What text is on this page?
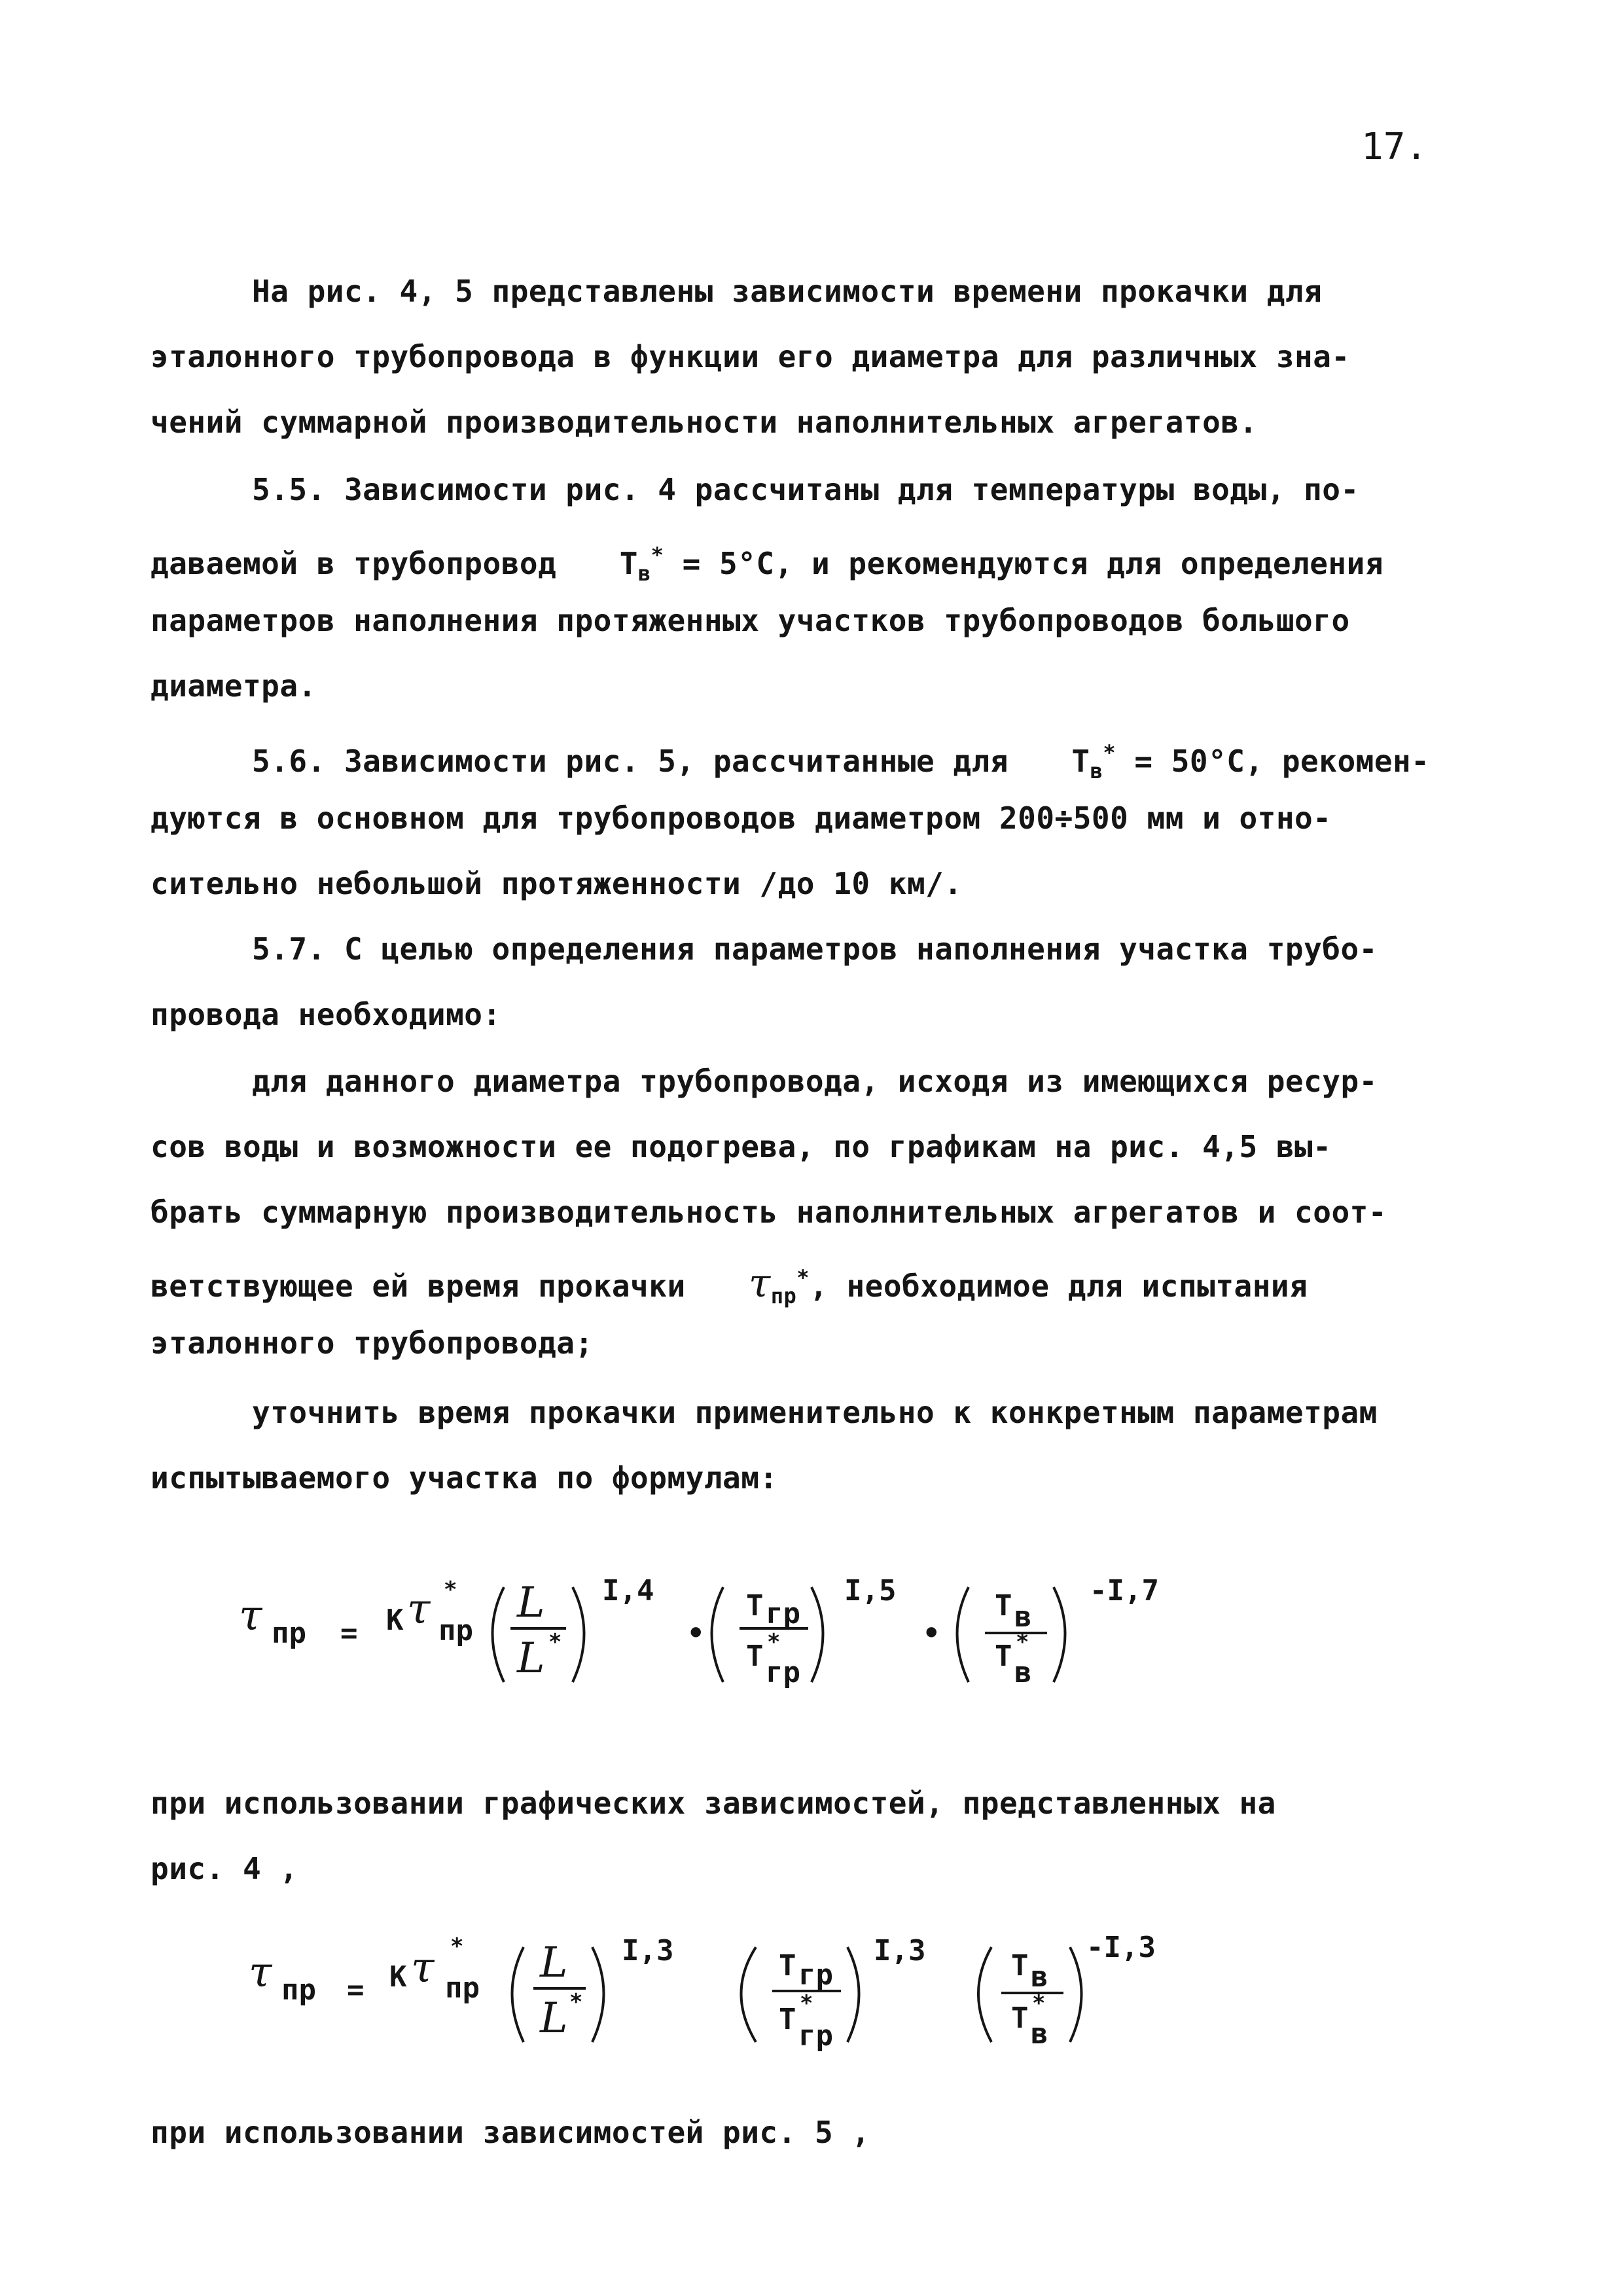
17.
На рис. 4, 5 представлены зависимости времени прокачки для
эталонного трубопровода в функции его диаметра для различных зна-
чений суммарной производительности наполнительных агрегатов.
5.5. Зависимости рис. 4 рассчитаны для температуры воды, по-
даваемой в трубопровод $T_в^* = 5^\circ С$, и рекомендуются для определения
параметров наполнения протяженных участков трубопроводов большого
диаметра.
5.6. Зависимости рис. 5, рассчитанные для $T_в^* = 50^\circ С$, рекомен-
дуются в основном для трубопроводов диаметром 200÷500 мм и отно-
сительно небольшой протяженности /до 10 км/.
5.7. С целью определения параметров наполнения участка трубо-
провода необходимо:
для данного диаметра трубопровода, исходя из имеющихся ресур-
сов воды и возможности ее подогрева, по графикам на рис. 4,5 вы-
брать суммарную производительность наполнительных агрегатов и соот-
ветствующее ей время прокачки $\tau_{пр}^*$, необходимое для испытания
эталонного трубопровода;
уточнить время прокачки применительно к конкретным параметрам
испытываемого участка по формулам:
τ пр = К τ пр
* L
L *
I,4
•
T гр
T *
гр
I,5
•
T в
T *
в
-I,7
при использовании графических зависимостей, представленных на
рис. 4 ,
τ пр = К τ пр
* L
L *
I,3	T гр
T *
гр
I,3	T в
T *
в
-I,3
при использовании зависимостей рис. 5 ,
